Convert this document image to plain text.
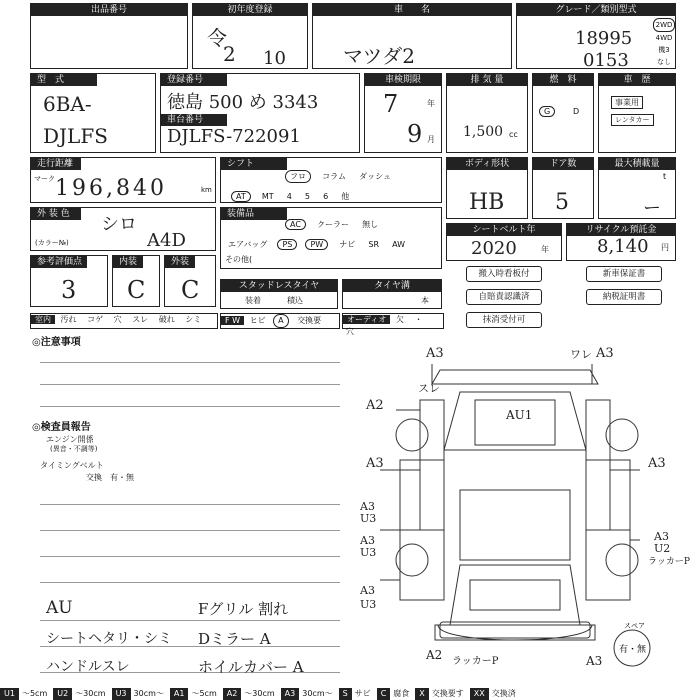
出品番号	初年度登録
令
2 10
車　　名
マツダ2
グレード／類別型式
18995
0153
2WD
4WD
機3
なし
型　式
6BA-
DJLFS
登録番号
徳島 500 め 3343
車台番号
DJLFS-722091
車検期限
7	年
9 月
排 気 量
1,500 cc
燃　料
G	D
車　歴
事業用
レンタカー
走行距離
マーク 196,840	km
シフト
フロ コラム ダッシュ
AT MT 4 5 6 他
ボディ形状
HB
ドア数
5
最大積載量
t
ー
外 装 色	シロ
(カラー№)	A4D
装備品
AC クーラー 無し
エアバッグ PS PW ナビ SR AW
その他(
シートベルト年
2020	年
リサイクル預託金
8,140 円
参考評価点
3
内装
C
外装
C	スタッドレスタイヤ
装着	積込
タイヤ溝
本
搬入時看板付
自賠責認識済
抹消受付可
新車保証書
納税証明書
室内 汚れ コゲ 穴 スレ 破れ シミ	F W ヒビ A 交換要	オーディオ 欠 ・ 穴
◎注意事項
◎検査員報告
エンジン開係
(異音・不調等)
タイミングベルト
交換　有・無
AU	Fグリル 割れ
シートヘタリ・シミ Dミラー A
ハンドルスレ	ホイルカバー A
スペア
有・無
A3	ワレ A3
スレ
A2
AU1
A3	A3
A3
U3
A3	A3
U3	U2
ラッカーP
A3
U3
A2 ラッカーP	A3
U1 ～5cm	U2 ～30cm	U3 30cm～	A1 ～5cm	A2 ～30cm	A3 30cm～	S サビ	C 腐食	X 交換要す	XX 交換済
